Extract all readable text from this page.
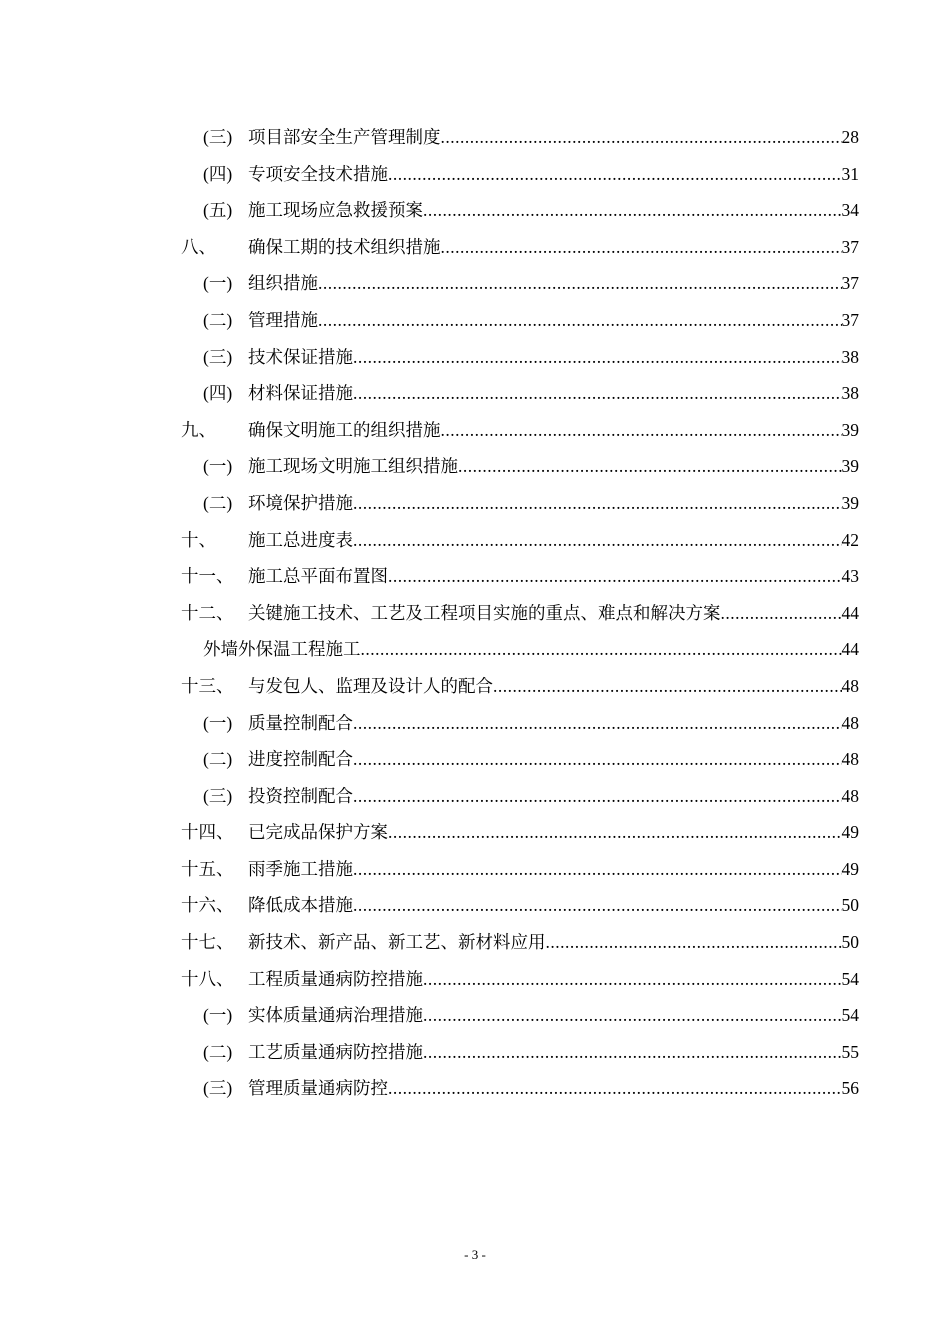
(三) 项目部安全生产管理制度 .....	28
(四) 专项安全技术措施 .....	31
(五) 施工现场应急救援预案 .....	34
八、	确保工期的技术组织措施 .....	37
(一) 组织措施 .....	37
(二) 管理措施 .....	37
(三) 技术保证措施 .....	38
(四) 材料保证措施 .....	38
九、	确保文明施工的组织措施 .....	39
(一) 施工现场文明施工组织措施 .....	39
(二) 环境保护措施 .....	39
十、	施工总进度表 .....	42
十一、 施工总平面布置图 .....	43
十二、 关键施工技术、工艺及工程项目实施的重点、难点和解决方案 .....	44
外墙外保温工程施工 .....	44
十三、 与发包人、监理及设计人的配合 .....	48
(一) 质量控制配合 .....	48
(二) 进度控制配合 .....	48
(三) 投资控制配合 .....	48
十四、 已完成品保护方案 .....	49
十五、 雨季施工措施 .....	49
十六、 降低成本措施 .....	50
十七、 新技术、新产品、新工艺、新材料应用 .....	50
十八、 工程质量通病防控措施 .....	54
(一) 实体质量通病治理措施 .....	54
(二) 工艺质量通病防控措施 .....	55
(三) 管理质量通病防控 .....	56
- 3 -
